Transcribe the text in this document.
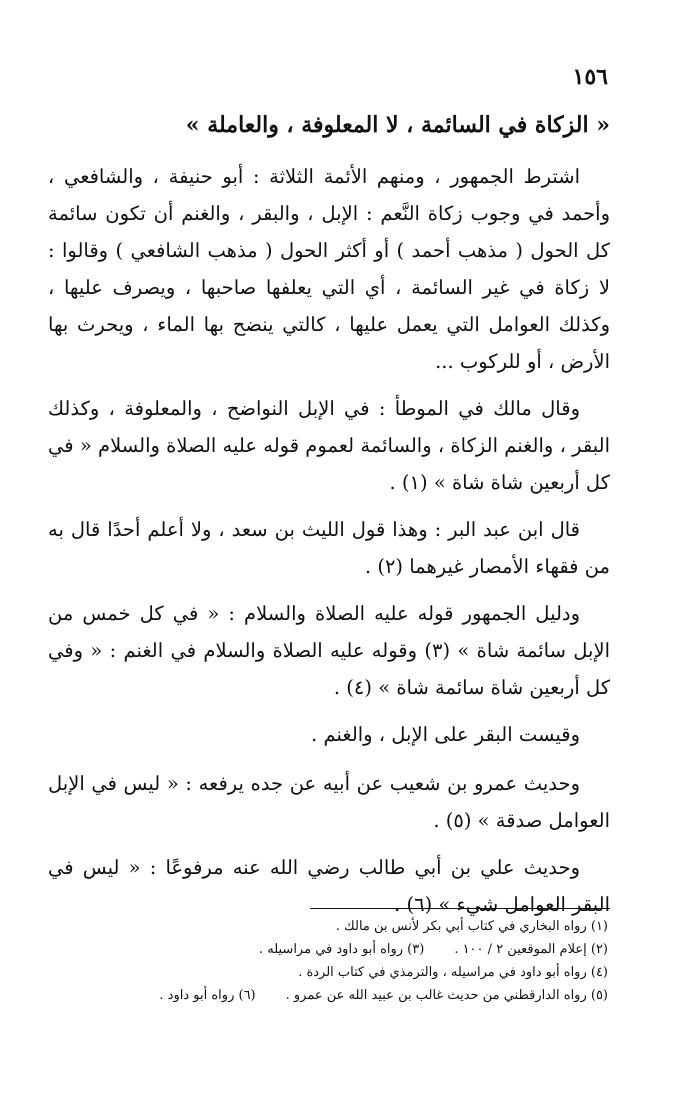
١٥٦
« الزكاة في السائمة ، لا المعلوفة ، والعاملة »

اشترط الجمهور ، ومنهم الأئمة الثلاثة : أبو حنيفة ، والشافعي ، وأحمد في وجوب زكاة النَّعم : الإبل ، والبقر ، والغنم أن تكون سائمة كل الحول ( مذهب أحمد ) أو أكثر الحول ( مذهب الشافعي ) وقالوا : لا زكاة في غير السائمة ، أي التي يعلفها صاحبها ، ويصرف عليها ، وكذلك العوامل التي يعمل عليها ، كالتي ينضح بها الماء ، ويحرث بها الأرض ، أو للركوب ...

وقال مالك في الموطأ : في الإبل النواضح ، والمعلوفة ، وكذلك البقر ، والغنم الزكاة ، والسائمة لعموم قوله عليه الصلاة والسلام « في كل أربعين شاة شاة » (١) .

قال ابن عبد البر : وهذا قول الليث بن سعد ، ولا أعلم أحدًا قال به من فقهاء الأمصار غيرهما (٢) .

ودليل الجمهور قوله عليه الصلاة والسلام : « في كل خمس من الإبل سائمة شاة » (٣) وقوله عليه الصلاة والسلام في الغنم : « وفي كل أربعين شاة سائمة شاة » (٤) .

وقيست البقر على الإبل ، والغنم .

وحديث عمرو بن شعيب عن أبيه عن جده يرفعه : « ليس في الإبل العوامل صدقة » (٥) .

وحديث علي بن أبي طالب رضي الله عنه مرفوعًا : « ليس في البقر العوامل شيء » (٦) .

(١) رواه البخاري في كتاب أبي بكر لأنس بن مالك .
(٢) إعلام الموقعين ٢ / ١٠٠ .
(٣) رواه أبو داود في مراسيله .
(٤) رواه أبو داود في مراسيله ، والترمذي في كتاب الردة .
(٥) رواه الدارقطني من حديث غالب بن عبيد الله عن عمرو .
(٦) رواه أبو داود .
